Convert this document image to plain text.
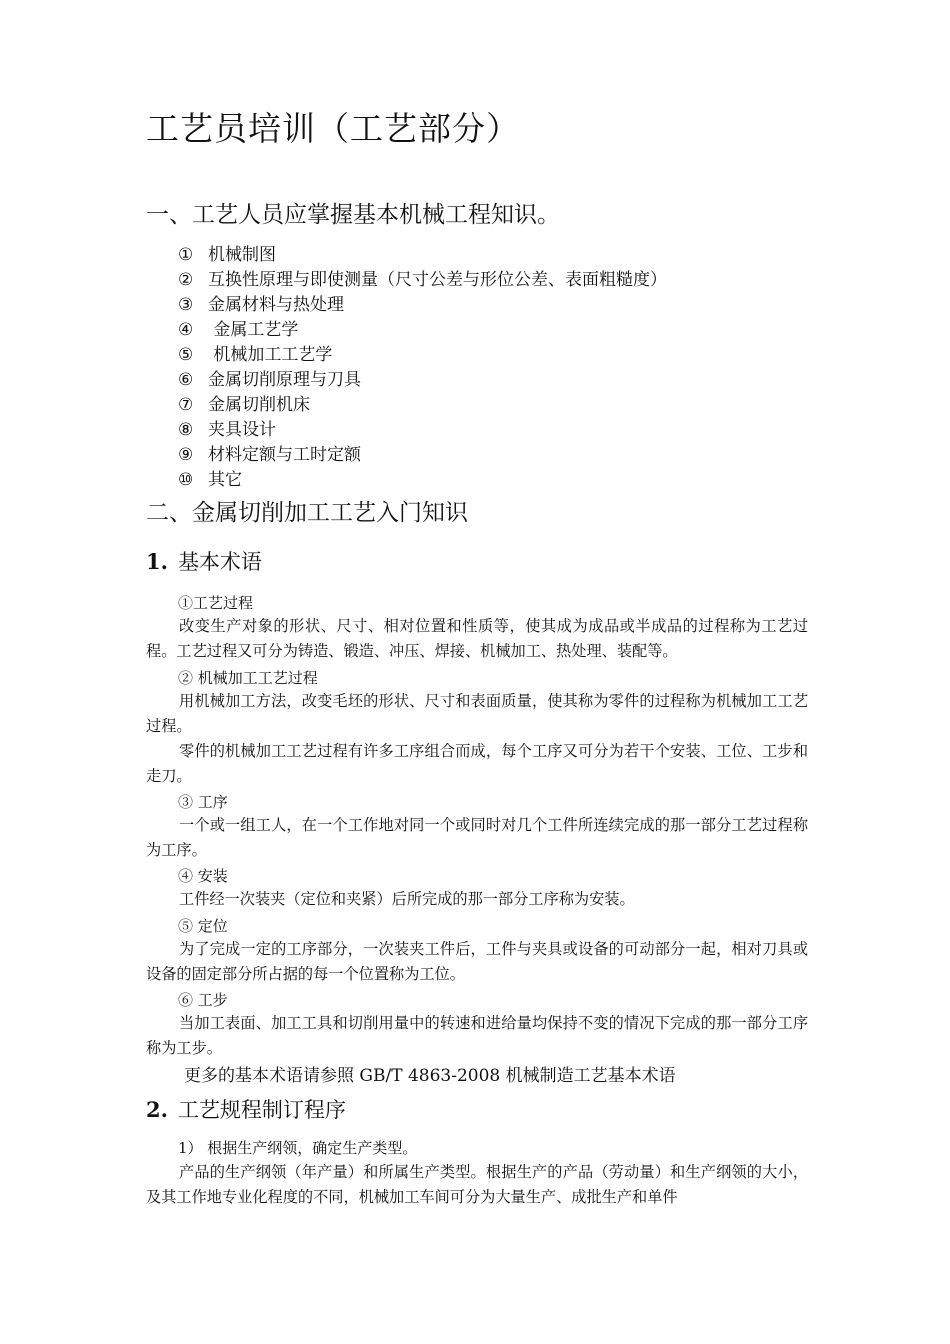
工艺员培训（工艺部分）
一、工艺人员应掌握基本机械工程知识。
① 机械制图
② 互换性原理与即使测量（尺寸公差与形位公差、表面粗糙度）
③ 金属材料与热处理
④ 金属工艺学
⑤ 机械加工工艺学
⑥ 金属切削原理与刀具
⑦ 金属切削机床
⑧ 夹具设计
⑨ 材料定额与工时定额
⑩ 其它
二、金属切削加工工艺入门知识
1. 基本术语
①工艺过程
改变生产对象的形状、尺寸、相对位置和性质等，使其成为成品或半成品的过程称为工艺过程。工艺过程又可分为铸造、锻造、冲压、焊接、机械加工、热处理、装配等。
② 机械加工工艺过程
用机械加工方法，改变毛坯的形状、尺寸和表面质量，使其称为零件的过程称为机械加工工艺过程。
零件的机械加工工艺过程有许多工序组合而成，每个工序又可分为若干个安装、工位、工步和走刀。
③ 工序
一个或一组工人，在一个工作地对同一个或同时对几个工件所连续完成的那一部分工艺过程称为工序。
④ 安装
工件经一次装夹（定位和夹紧）后所完成的那一部分工序称为安装。
⑤ 定位
为了完成一定的工序部分，一次装夹工件后，工件与夹具或设备的可动部分一起，相对刀具或设备的固定部分所占据的每一个位置称为工位。
⑥ 工步
当加工表面、加工工具和切削用量中的转速和进给量均保持不变的情况下完成的那一部分工序称为工步。
更多的基本术语请参照 GB/T 4863-2008 机械制造工艺基本术语
2. 工艺规程制订程序
1） 根据生产纲领，确定生产类型。
产品的生产纲领（年产量）和所属生产类型。根据生产的产品（劳动量）和生产纲领的大小，及其工作地专业化程度的不同，机械加工车间可分为大量生产、成批生产和单件
